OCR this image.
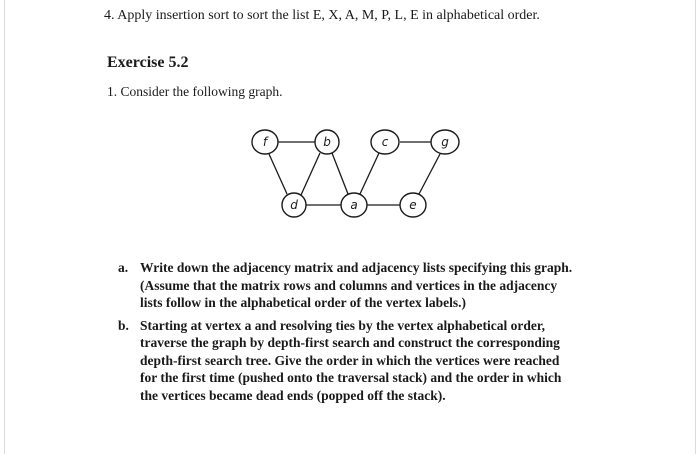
4. Apply insertion sort to sort the list E, X, A, M, P, L, E in alphabetical order.
Exercise 5.2
1. Consider the following graph.
f	b	c	g
d	a	e
a. Write down the adjacency matrix and adjacency lists specifying this graph.
(Assume that the matrix rows and columns and vertices in the adjacency
lists follow in the alphabetical order of the vertex labels.)
b. Starting at vertex a and resolving ties by the vertex alphabetical order,
traverse the graph by depth-first search and construct the corresponding
depth-first search tree. Give the order in which the vertices were reached
for the first time (pushed onto the traversal stack) and the order in which
the vertices became dead ends (popped off the stack).
